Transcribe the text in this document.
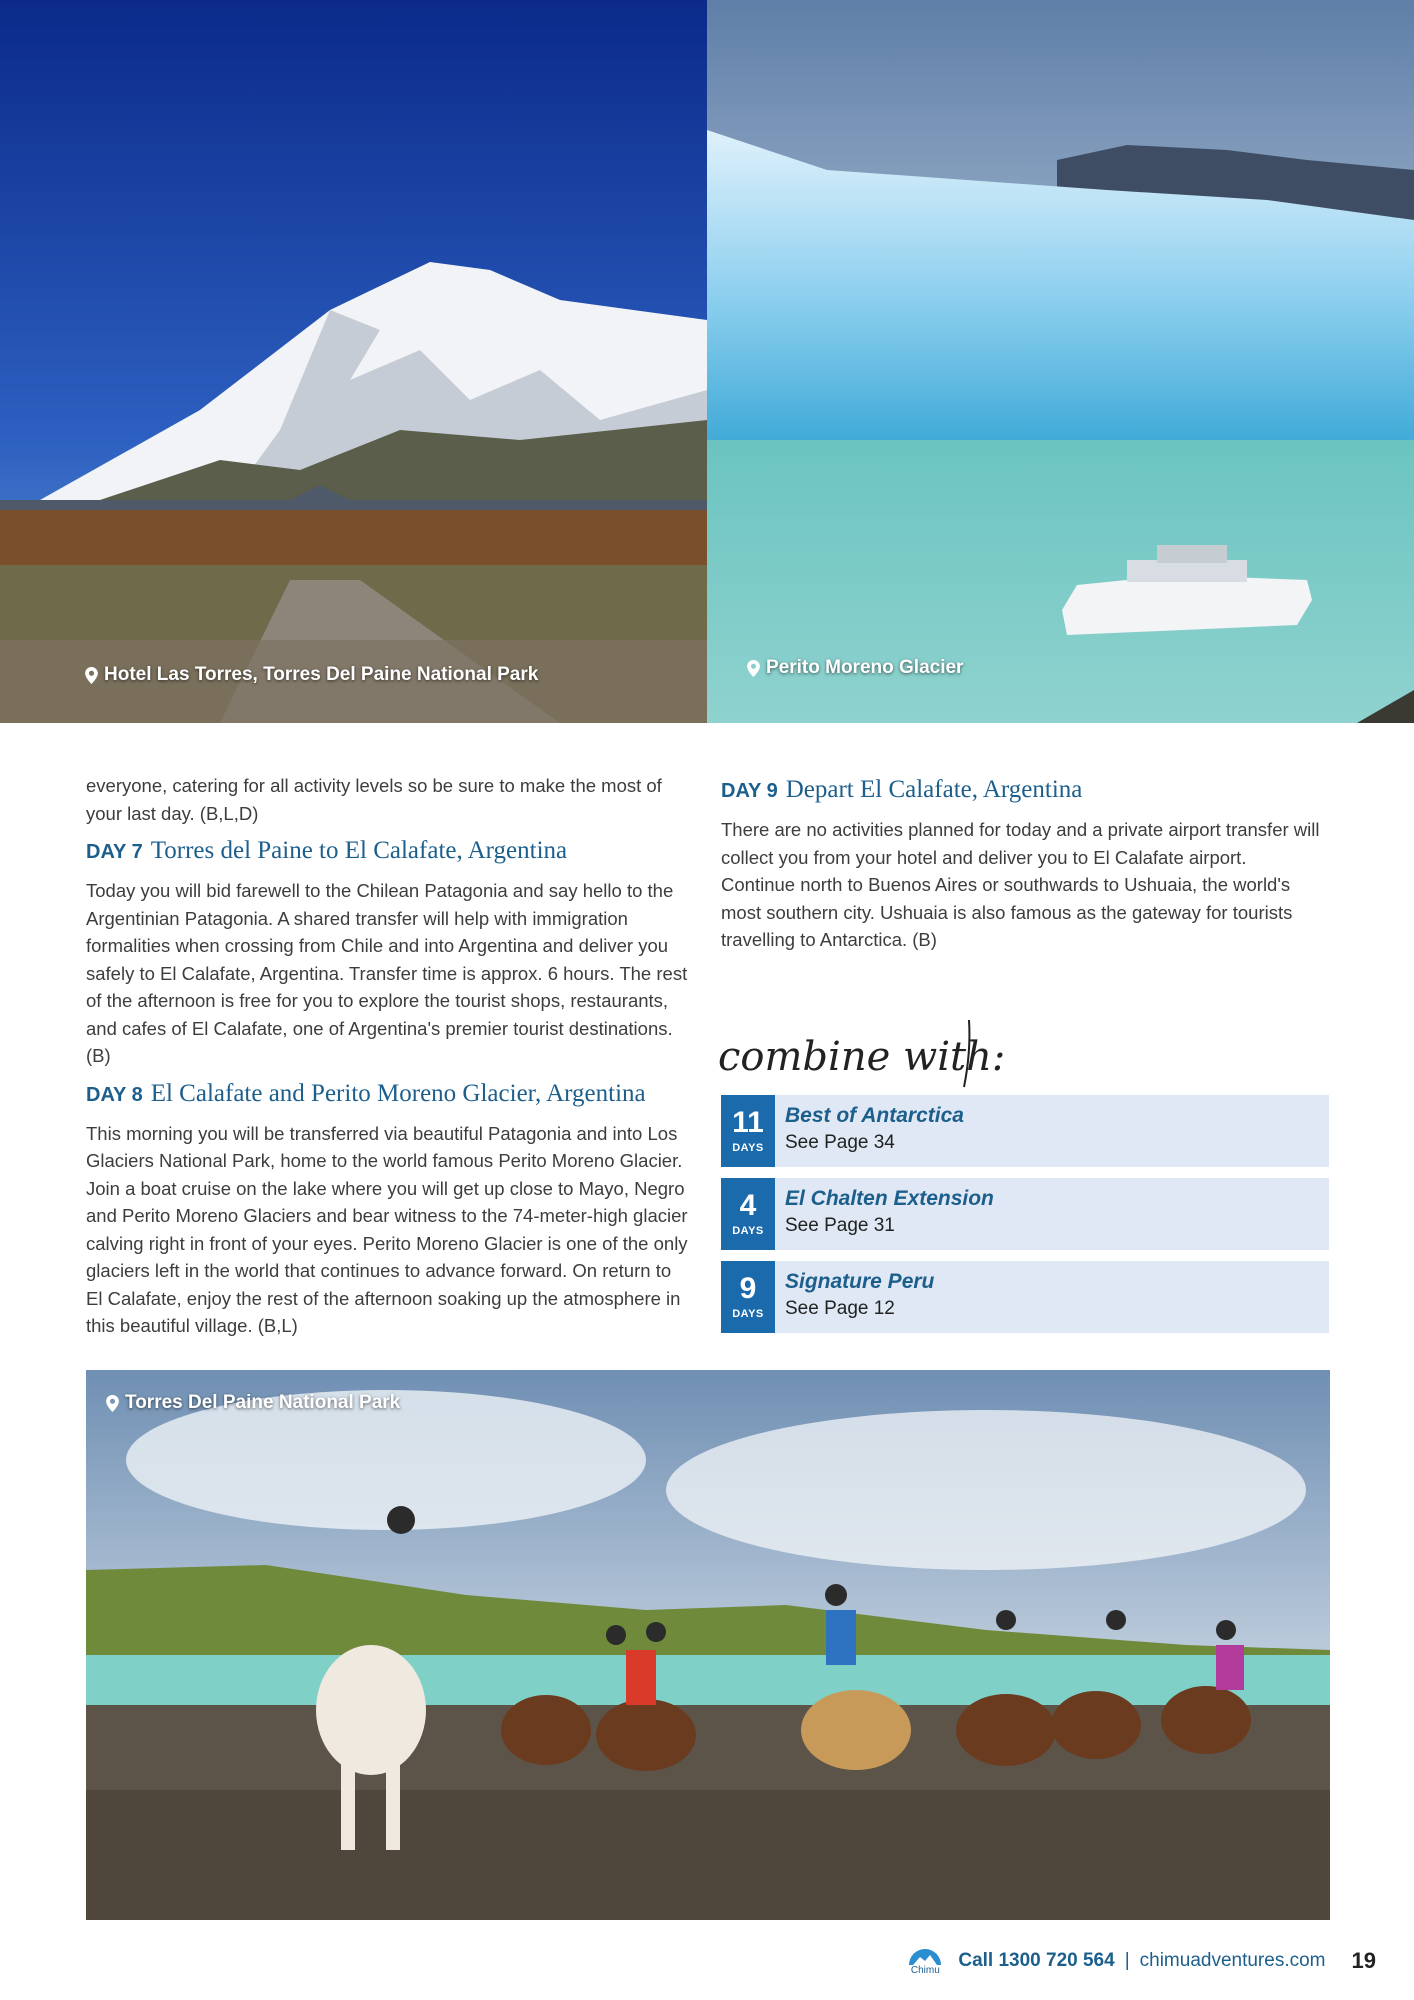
Hotel Las Torres, Torres Del Paine National Park	Perito Moreno Glacier

everyone, catering for all activity levels so be sure to make the most of your last day. (B,L,D)

DAY 7 Torres del Paine to El Calafate, Argentina

Today you will bid farewell to the Chilean Patagonia and say hello to the Argentinian Patagonia. A shared transfer will help with immigration formalities when crossing from Chile and into Argentina and deliver you safely to El Calafate, Argentina. Transfer time is approx. 6 hours. The rest of the afternoon is free for you to explore the tourist shops, restaurants, and cafes of El Calafate, one of Argentina's premier tourist destinations. (B)

DAY 8 El Calafate and Perito Moreno Glacier, Argentina

This morning you will be transferred via beautiful Patagonia and into Los Glaciers National Park, home to the world famous Perito Moreno Glacier. Join a boat cruise on the lake where you will get up close to Mayo, Negro and Perito Moreno Glaciers and bear witness to the 74-meter-high glacier calving right in front of your eyes. Perito Moreno Glacier is one of the only glaciers left in the world that continues to advance forward. On return to El Calafate, enjoy the rest of the afternoon soaking up the atmosphere in this beautiful village. (B,L)

DAY 9 Depart El Calafate, Argentina

There are no activities planned for today and a private airport transfer will collect you from your hotel and deliver you to El Calafate airport. Continue north to Buenos Aires or southwards to Ushuaia, the world's most southern city. Ushuaia is also famous as the gateway for tourists travelling to Antarctica. (B)

combine with:
11
DAYS
Best of Antarctica
See Page 34
4
DAYS
El Chalten Extension
See Page 31
9
DAYS
Signature Peru
See Page 12
Torres Del Paine National Park
Chimu Call 1300 720 564 | chimuadventures.com 19
